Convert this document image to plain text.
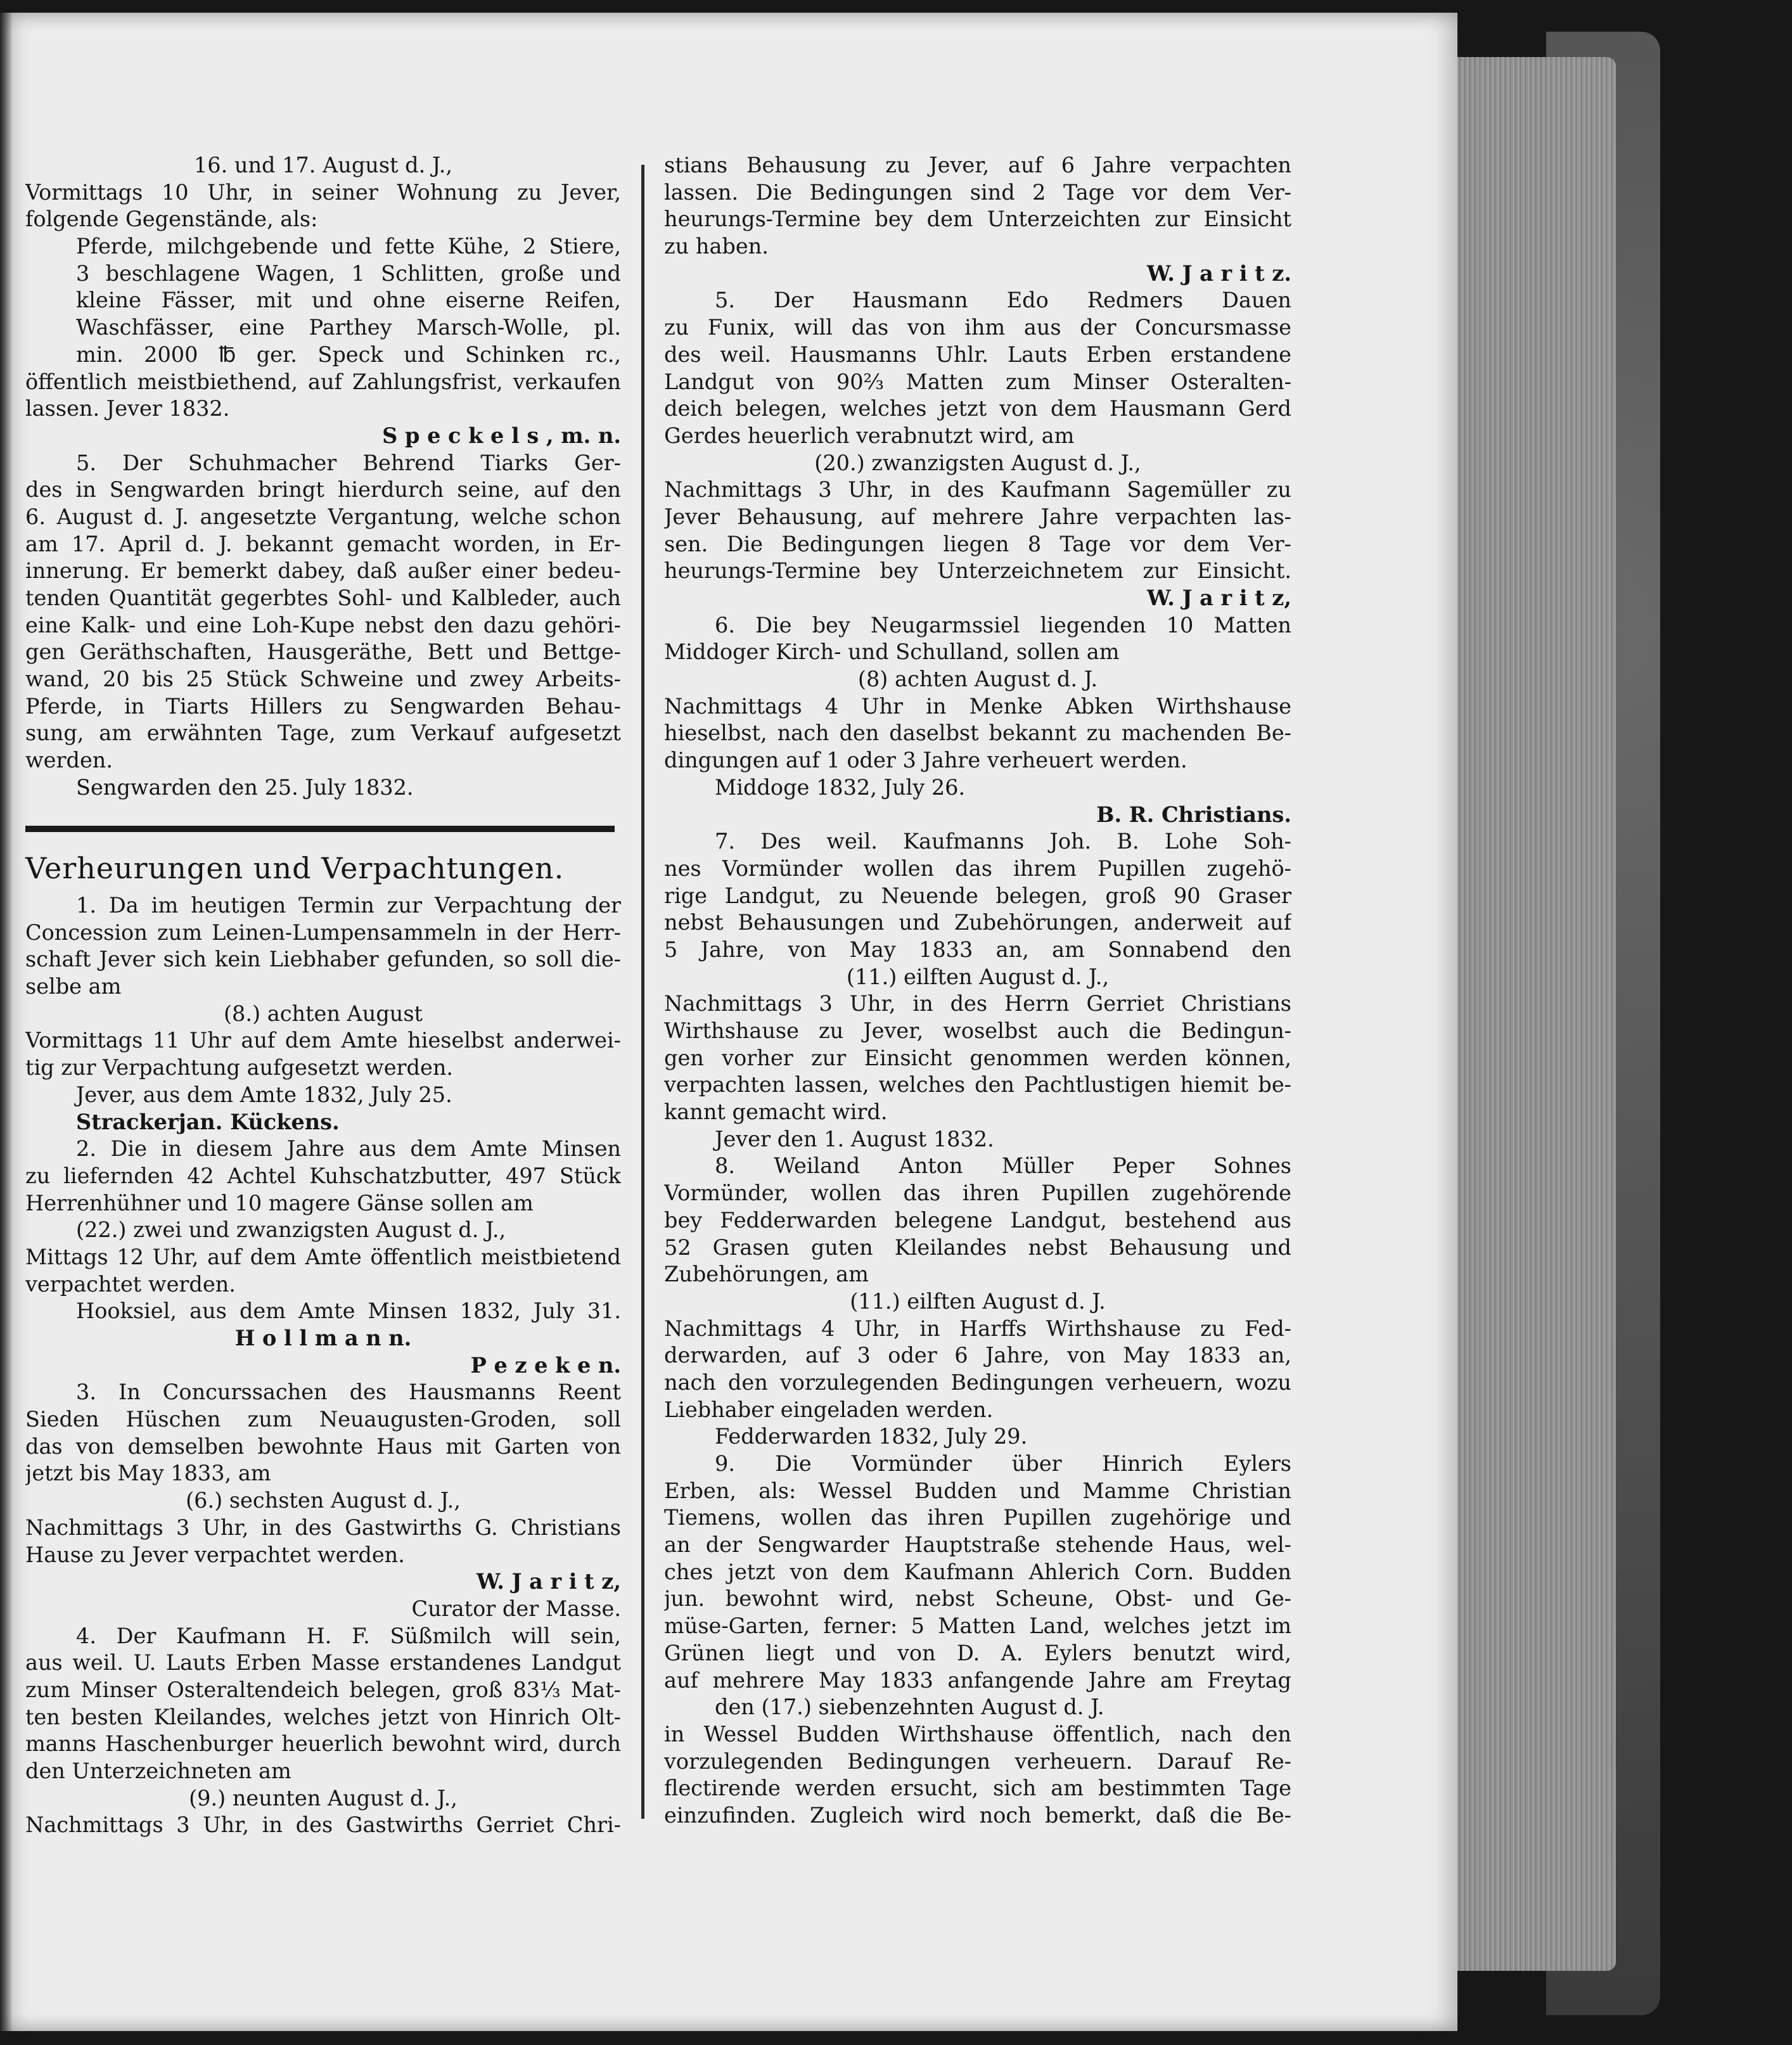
16. und 17. August d. J.,
Vormittags 10 Uhr, in seiner Wohnung zu Jever,
folgende Gegenstände, als:
Pferde, milchgebende und fette Kühe, 2 Stiere,
3 beschlagene Wagen, 1 Schlitten, große und
kleine Fässer, mit und ohne eiserne Reifen,
Waschfässer, eine Parthey Marsch-Wolle, pl.
min. 2000 ℔ ger. Speck und Schinken rc.,
öffentlich meistbiethend, auf Zahlungsfrist, verkaufen
lassen. Jever 1832.
S p e c k e l s , m. n.
5. Der Schuhmacher Behrend Tiarks Ger-
des in Sengwarden bringt hierdurch seine, auf den
6. August d. J. angesetzte Vergantung, welche schon
am 17. April d. J. bekannt gemacht worden, in Er-
innerung. Er bemerkt dabey, daß außer einer bedeu-
tenden Quantität gegerbtes Sohl- und Kalbleder, auch
eine Kalk- und eine Loh-Kupe nebst den dazu gehöri-
gen Geräthschaften, Hausgeräthe, Bett und Bettge-
wand, 20 bis 25 Stück Schweine und zwey Arbeits-
Pferde, in Tiarts Hillers zu Sengwarden Behau-
sung, am erwähnten Tage, zum Verkauf aufgesetzt
werden.
Sengwarden den 25. July 1832.
Verheurungen und Verpachtungen.
1. Da im heutigen Termin zur Verpachtung der
Concession zum Leinen-Lumpensammeln in der Herr-
schaft Jever sich kein Liebhaber gefunden, so soll die-
selbe am
(8.) achten August
Vormittags 11 Uhr auf dem Amte hieselbst anderwei-
tig zur Verpachtung aufgesetzt werden.
Jever, aus dem Amte 1832, July 25.
Strackerjan. Kückens.
2. Die in diesem Jahre aus dem Amte Minsen
zu liefernden 42 Achtel Kuhschatzbutter, 497 Stück
Herrenhühner und 10 magere Gänse sollen am
(22.) zwei und zwanzigsten August d. J.,
Mittags 12 Uhr, auf dem Amte öffentlich meistbietend
verpachtet werden.
Hooksiel, aus dem Amte Minsen 1832, July 31.
H o l l m a n n.
P e z e k e n.
3. In Concurssachen des Hausmanns Reent
Sieden Hüschen zum Neuaugusten-Groden, soll
das von demselben bewohnte Haus mit Garten von
jetzt bis May 1833, am
(6.) sechsten August d. J.,
Nachmittags 3 Uhr, in des Gastwirths G. Christians
Hause zu Jever verpachtet werden.
W. J a r i t z,
Curator der Masse.
4. Der Kaufmann H. F. Süßmilch will sein,
aus weil. U. Lauts Erben Masse erstandenes Landgut
zum Minser Osteraltendeich belegen, groß 83⅓ Mat-
ten besten Kleilandes, welches jetzt von Hinrich Olt-
manns Haschenburger heuerlich bewohnt wird, durch
den Unterzeichneten am
(9.) neunten August d. J.,
Nachmittags 3 Uhr, in des Gastwirths Gerriet Chri-
stians Behausung zu Jever, auf 6 Jahre verpachten
lassen. Die Bedingungen sind 2 Tage vor dem Ver-
heurungs-Termine bey dem Unterzeichten zur Einsicht
zu haben.
W. J a r i t z.
5. Der Hausmann Edo Redmers Dauen
zu Funix, will das von ihm aus der Concursmasse
des weil. Hausmanns Uhlr. Lauts Erben erstandene
Landgut von 90⅔ Matten zum Minser Osteralten-
deich belegen, welches jetzt von dem Hausmann Gerd
Gerdes heuerlich verabnutzt wird, am
(20.) zwanzigsten August d. J.,
Nachmittags 3 Uhr, in des Kaufmann Sagemüller zu
Jever Behausung, auf mehrere Jahre verpachten las-
sen. Die Bedingungen liegen 8 Tage vor dem Ver-
heurungs-Termine bey Unterzeichnetem zur Einsicht.
W. J a r i t z,
6. Die bey Neugarmssiel liegenden 10 Matten
Middoger Kirch- und Schulland, sollen am
(8) achten August d. J.
Nachmittags 4 Uhr in Menke Abken Wirthshause
hieselbst, nach den daselbst bekannt zu machenden Be-
dingungen auf 1 oder 3 Jahre verheuert werden.
Middoge 1832, July 26.
B. R. Christians.
7. Des weil. Kaufmanns Joh. B. Lohe Soh-
nes Vormünder wollen das ihrem Pupillen zugehö-
rige Landgut, zu Neuende belegen, groß 90 Graser
nebst Behausungen und Zubehörungen, anderweit auf
5 Jahre, von May 1833 an, am Sonnabend den
(11.) eilften August d. J.,
Nachmittags 3 Uhr, in des Herrn Gerriet Christians
Wirthshause zu Jever, woselbst auch die Bedingun-
gen vorher zur Einsicht genommen werden können,
verpachten lassen, welches den Pachtlustigen hiemit be-
kannt gemacht wird.
Jever den 1. August 1832.
8. Weiland Anton Müller Peper Sohnes
Vormünder, wollen das ihren Pupillen zugehörende
bey Fedderwarden belegene Landgut, bestehend aus
52 Grasen guten Kleilandes nebst Behausung und
Zubehörungen, am
(11.) eilften August d. J.
Nachmittags 4 Uhr, in Harffs Wirthshause zu Fed-
derwarden, auf 3 oder 6 Jahre, von May 1833 an,
nach den vorzulegenden Bedingungen verheuern, wozu
Liebhaber eingeladen werden.
Fedderwarden 1832, July 29.
9. Die Vormünder über Hinrich Eylers
Erben, als: Wessel Budden und Mamme Christian
Tiemens, wollen das ihren Pupillen zugehörige und
an der Sengwarder Hauptstraße stehende Haus, wel-
ches jetzt von dem Kaufmann Ahlerich Corn. Budden
jun. bewohnt wird, nebst Scheune, Obst- und Ge-
müse-Garten, ferner: 5 Matten Land, welches jetzt im
Grünen liegt und von D. A. Eylers benutzt wird,
auf mehrere May 1833 anfangende Jahre am Freytag
den (17.) siebenzehnten August d. J.
in Wessel Budden Wirthshause öffentlich, nach den
vorzulegenden Bedingungen verheuern. Darauf Re-
flectirende werden ersucht, sich am bestimmten Tage
einzufinden. Zugleich wird noch bemerkt, daß die Be-
